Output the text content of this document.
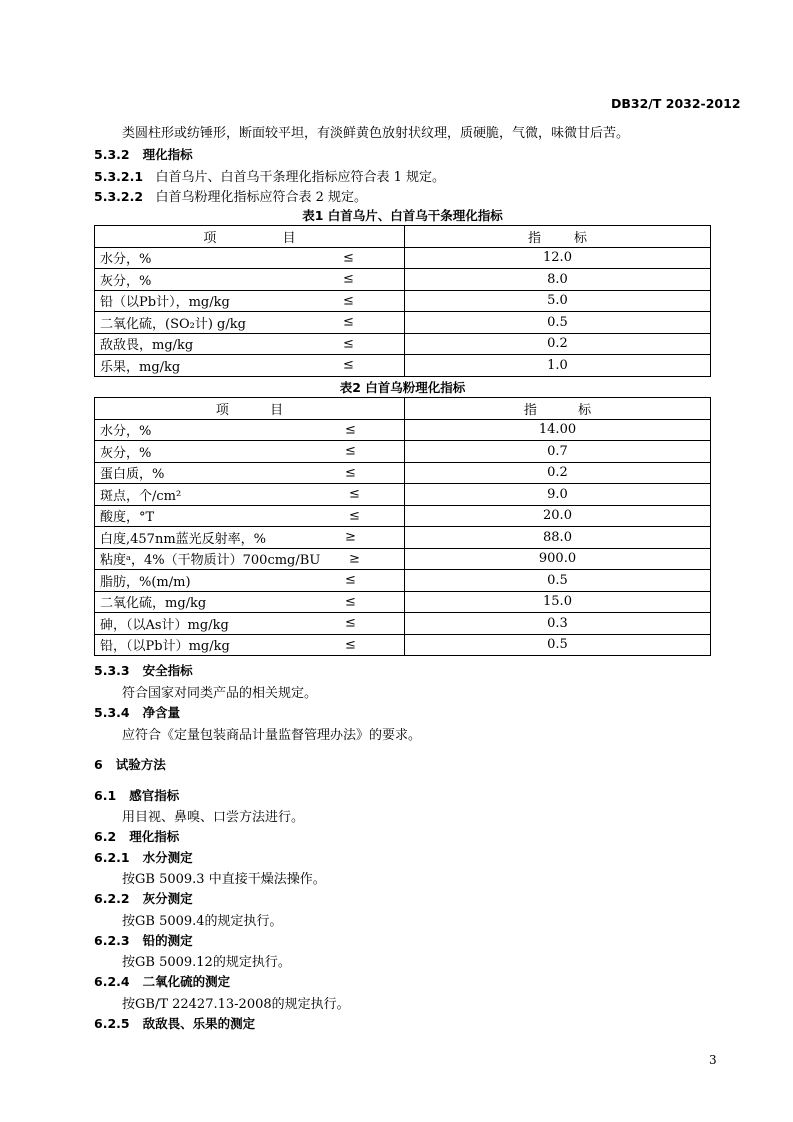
DB32/T 2032-2012
类圆柱形或纺锤形，断面较平坦，有淡鲜黄色放射状纹理，质硬脆，气微，味微甘后苦。
5.3.2 理化指标
5.3.2.1 白首乌片、白首乌干条理化指标应符合表 1 规定。
5.3.2.2 白首乌粉理化指标应符合表 2 规定。
表1 白首乌片、白首乌干条理化指标
项 目	指 标
水分，% ≤	12.0
灰分，% ≤	8.0
铅（以Pb计），mg/kg ≤	5.0
二氧化硫，(SO₂计) g/kg ≤	0.5
敌敌畏，mg/kg ≤	0.2
乐果，mg/kg ≤	1.0
表2 白首乌粉理化指标
项 目	指 标
水分，% ≤	14.00
灰分，% ≤	0.7
蛋白质，% ≤	0.2
斑点，个/cm² ≤	9.0
酸度，°T ≤	20.0
白度,457nm蓝光反射率，% ≥	88.0
粘度ᵃ，4%（干物质计）700cmg/BU ≥	900.0
脂肪，%(m/m) ≤	0.5
二氧化硫，mg/kg ≤	15.0
砷，（以As计）mg/kg ≤	0.3
铅，（以Pb计）mg/kg ≤	0.5
5.3.3 安全指标
符合国家对同类产品的相关规定。
5.3.4 净含量
应符合《定量包装商品计量监督管理办法》的要求。
6 试验方法
6.1 感官指标
用目视、鼻嗅、口尝方法进行。
6.2 理化指标
6.2.1 水分测定
按GB 5009.3 中直接干燥法操作。
6.2.2 灰分测定
按GB 5009.4的规定执行。
6.2.3 铅的测定
按GB 5009.12的规定执行。
6.2.4 二氧化硫的测定
按GB/T 22427.13-2008的规定执行。
6.2.5 敌敌畏、乐果的测定
3
